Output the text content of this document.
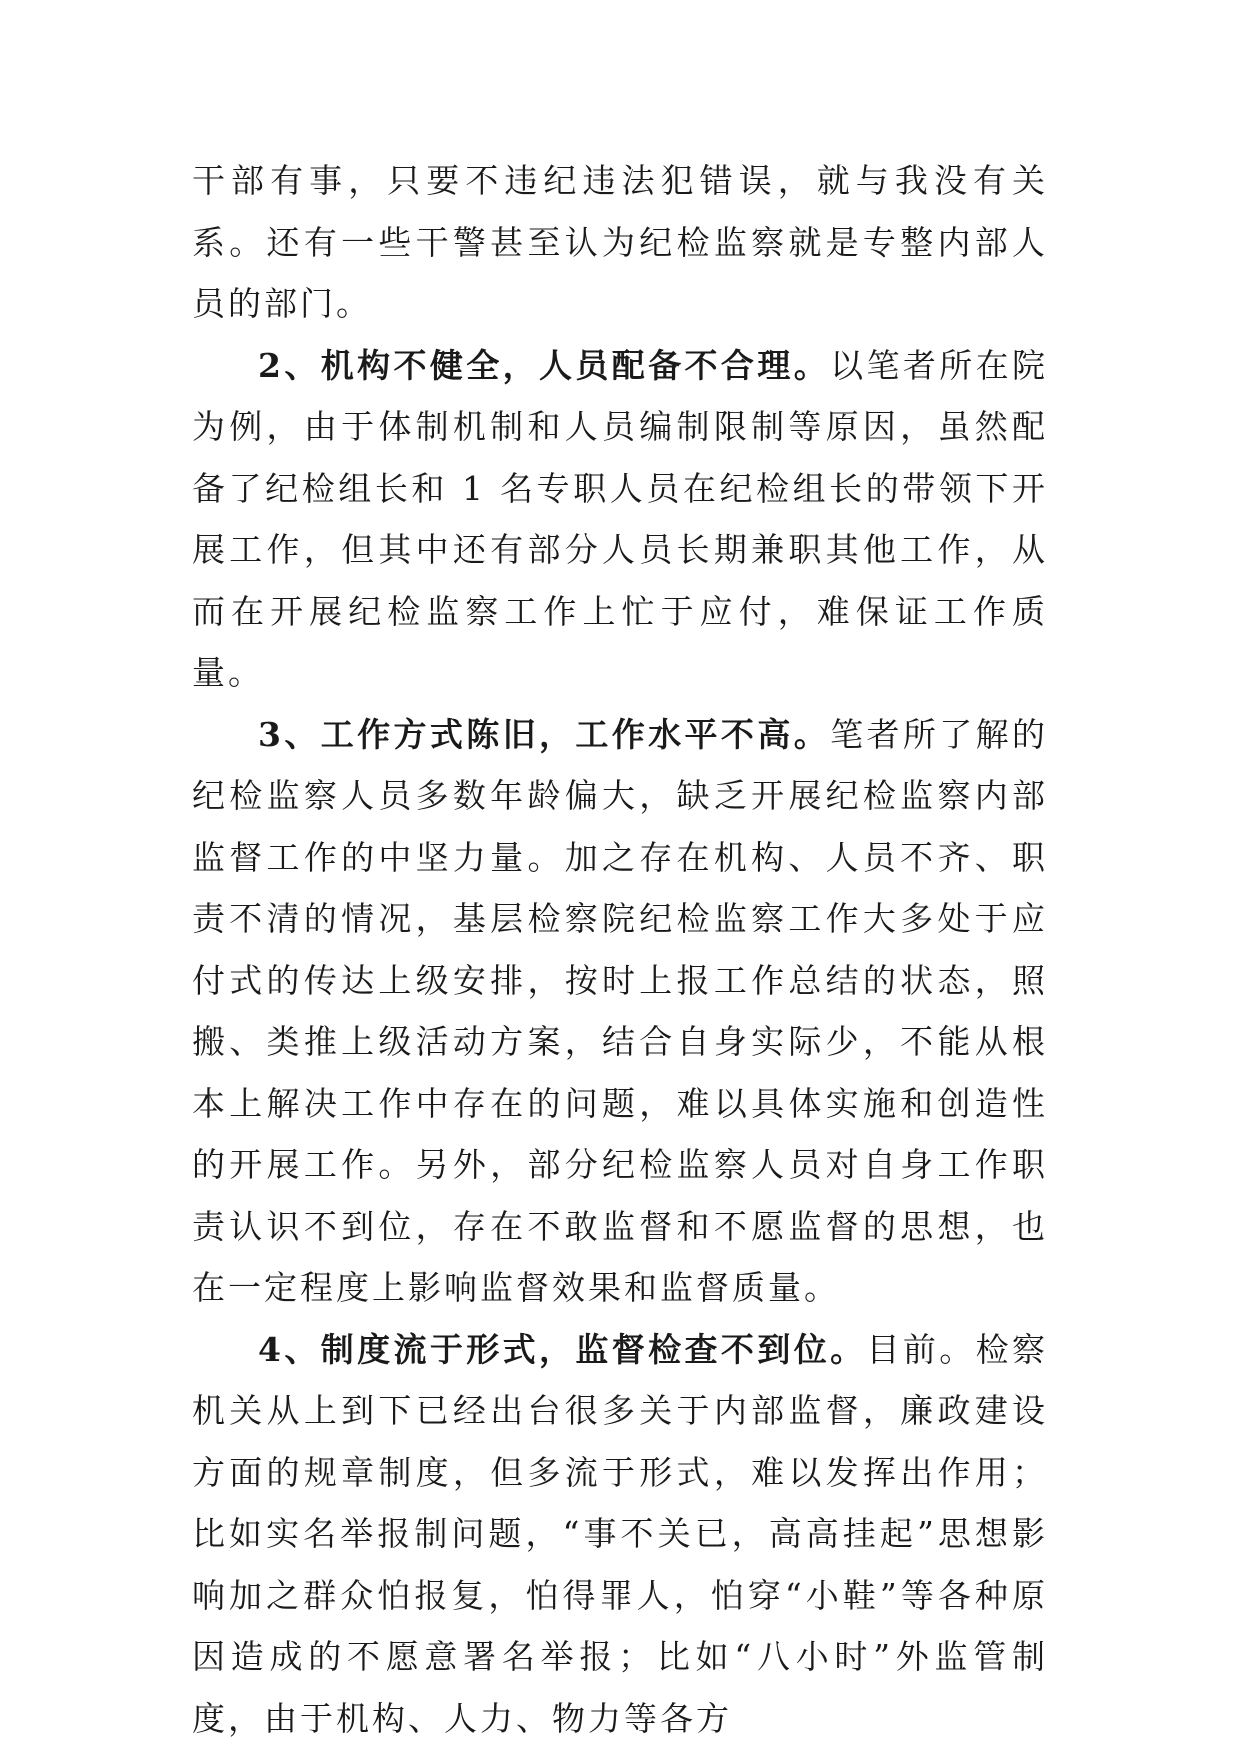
干部有事，只要不违纪违法犯错误，就与我没有关系。还有一些干警甚至认为纪检监察就是专整内部人员的部门。

2、机构不健全，人员配备不合理。以笔者所在院为例，由于体制机制和人员编制限制等原因，虽然配备了纪检组长和 1 名专职人员在纪检组长的带领下开展工作，但其中还有部分人员长期兼职其他工作，从而在开展纪检监察工作上忙于应付，难保证工作质量。

3、工作方式陈旧，工作水平不高。笔者所了解的纪检监察人员多数年龄偏大，缺乏开展纪检监察内部监督工作的中坚力量。加之存在机构、人员不齐、职责不清的情况，基层检察院纪检监察工作大多处于应付式的传达上级安排，按时上报工作总结的状态，照搬、类推上级活动方案，结合自身实际少，不能从根本上解决工作中存在的问题，难以具体实施和创造性的开展工作。另外，部分纪检监察人员对自身工作职责认识不到位，存在不敢监督和不愿监督的思想，也在一定程度上影响监督效果和监督质量。

4、制度流于形式，监督检查不到位。目前。检察机关从上到下已经出台很多关于内部监督，廉政建设方面的规章制度，但多流于形式，难以发挥出作用；比如实名举报制问题，“事不关已，高高挂起”思想影响加之群众怕报复，怕得罪人，怕穿“小鞋”等各种原因造成的不愿意署名举报；比如“八小时”外监管制度，由于机构、人力、物力等各方
